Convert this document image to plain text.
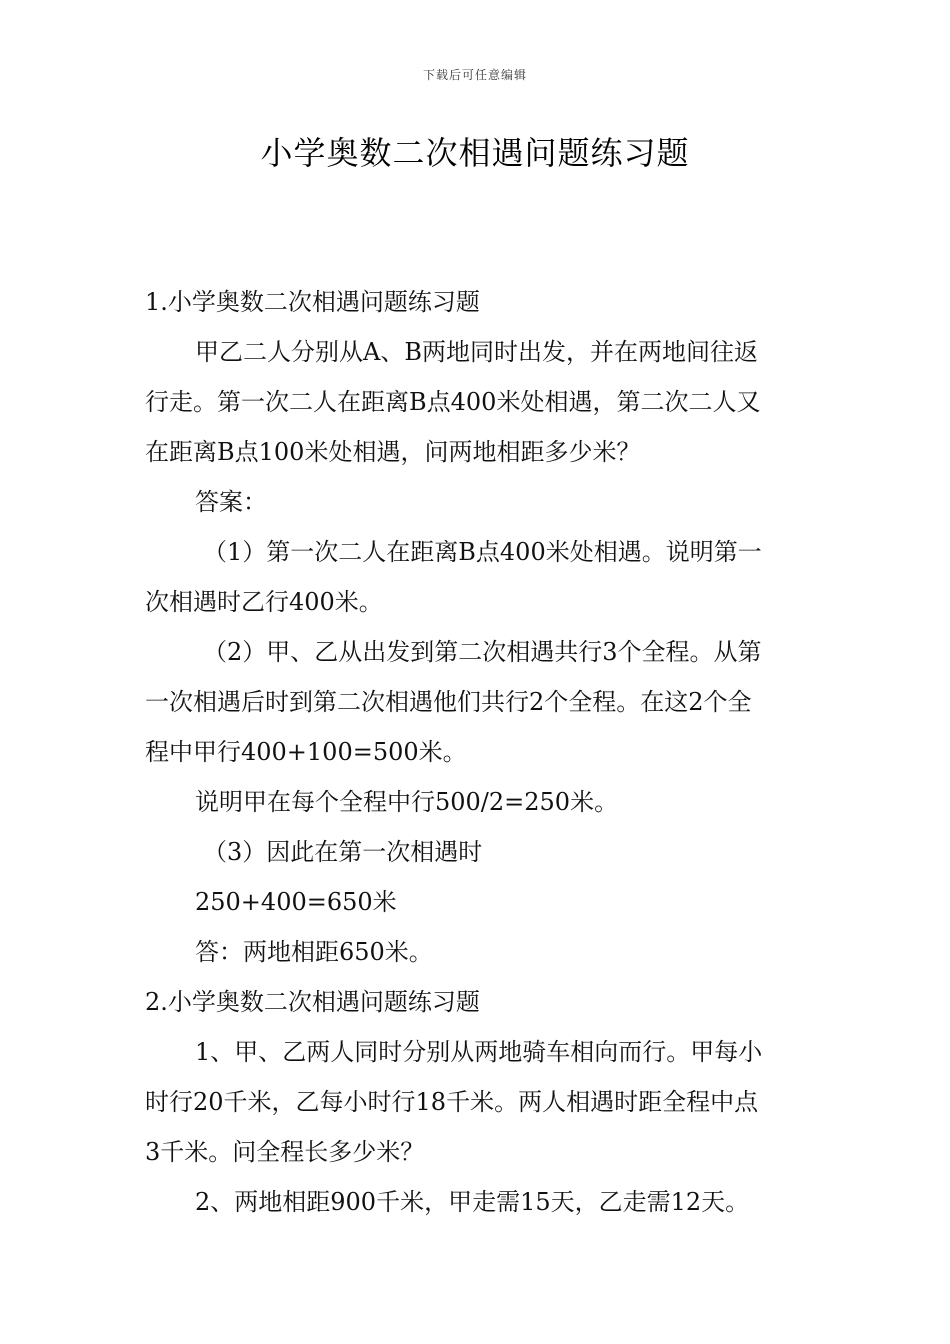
下载后可任意编辑
小学奥数二次相遇问题练习题
1.小学奥数二次相遇问题练习题
甲乙二人分别从A、B两地同时出发，并在两地间往返
行走。第一次二人在距离B点400米处相遇，第二次二人又
在距离B点100米处相遇，问两地相距多少米？
答案：
（1）第一次二人在距离B点400米处相遇。说明第一
次相遇时乙行400米。
（2）甲、乙从出发到第二次相遇共行3个全程。从第
一次相遇后时到第二次相遇他们共行2个全程。在这2个全
程中甲行400+100=500米。
说明甲在每个全程中行500/2=250米。
（3）因此在第一次相遇时
250+400=650米
答：两地相距650米。
2.小学奥数二次相遇问题练习题
1、甲、乙两人同时分别从两地骑车相向而行。甲每小
时行20千米，乙每小时行18千米。两人相遇时距全程中点
3千米。问全程长多少米？
2、两地相距900千米，甲走需15天，乙走需12天。
